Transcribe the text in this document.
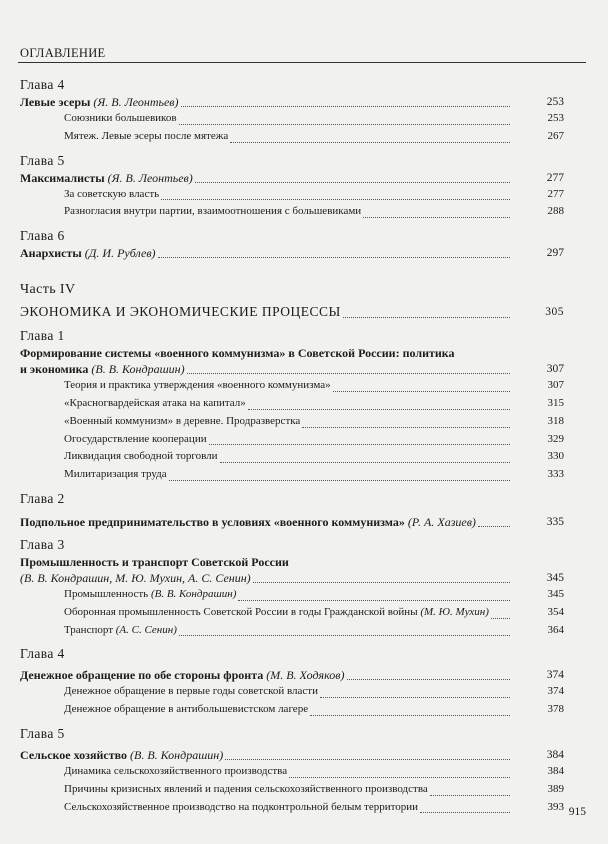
ОГЛАВЛЕНИЕ
Глава 4
Левые эсеры (Я. В. Леонтьев)	253
Союзники большевиков	253
Мятеж. Левые эсеры после мятежа	267
Глава 5
Максималисты (Я. В. Леонтьев)	277
За советскую власть	277
Разногласия внутри партии, взаимоотношения с большевиками	288
Глава 6
Анархисты (Д. И. Рублев)	297
Часть IV
ЭКОНОМИКА И ЭКОНОМИЧЕСКИЕ ПРОЦЕССЫ	305
Глава 1
Формирование системы «военного коммунизма» в Советской России: политика
и экономика (В. В. Кондрашин)	307
Теория и практика утверждения «военного коммунизма»	307
«Красногвардейская атака на капитал»	315
«Военный коммунизм» в деревне. Продразверстка	318
Огосударствление кооперации	329
Ликвидация свободной торговли	330
Милитаризация труда	333
Глава 2
Подпольное предпринимательство в условиях «военного коммунизма» (Р. А. Хазиев)	335
Глава 3
Промышленность и транспорт Советской России
(В. В. Кондрашин, М. Ю. Мухин, А. С. Сенин)	345
Промышленность (В. В. Кондрашин)	345
Оборонная промышленность Советской России в годы Гражданской войны (М. Ю. Мухин)	354
Транспорт (А. С. Сенин)	364
Глава 4
Денежное обращение по обе стороны фронта (М. В. Ходяков)	374
Денежное обращение в первые годы советской власти	374
Денежное обращение в антибольшевистском лагере	378
Глава 5
Сельское хозяйство (В. В. Кондрашин)	384
Динамика сельскохозяйственного производства	384
Причины кризисных явлений и падения сельскохозяйственного производства	389
Сельскохозяйственное производство на подконтрольной белым территории	393 915
